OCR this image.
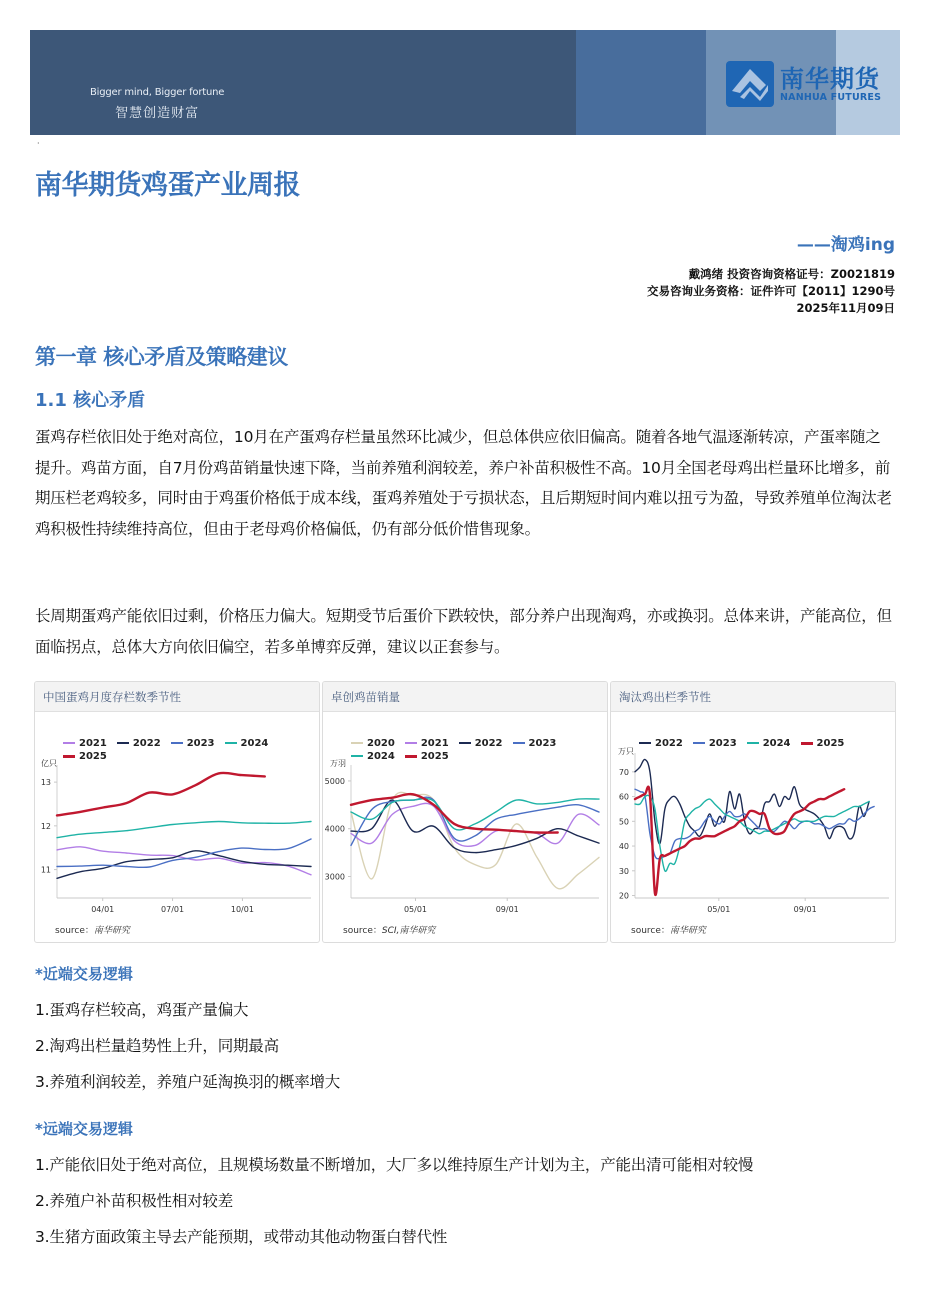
Bigger mind, Bigger fortune
智慧创造财富
南华期货
NANHUA FUTURES
·
南华期货鸡蛋产业周报
——淘鸡ing
戴鸿绪 投资咨询资格证号：Z0021819
交易咨询业务资格：证件许可【2011】1290号
2025年11月09日
第一章 核心矛盾及策略建议
1.1 核心矛盾
蛋鸡存栏依旧处于绝对高位，10月在产蛋鸡存栏量虽然环比减少，但总体供应依旧偏高。随着各地气温逐渐转凉，产蛋率随之提升。鸡苗方面，自7月份鸡苗销量快速下降，当前养殖利润较差，养户补苗积极性不高。10月全国老母鸡出栏量环比增多，前期压栏老鸡较多，同时由于鸡蛋价格低于成本线，蛋鸡养殖处于亏损状态，且后期短时间内难以扭亏为盈，导致养殖单位淘汰老鸡积极性持续维持高位，但由于老母鸡价格偏低，仍有部分低价惜售现象。
长周期蛋鸡产能依旧过剩，价格压力偏大。短期受节后蛋价下跌较快，部分养户出现淘鸡，亦或换羽。总体来讲，产能高位，但面临拐点，总体大方向依旧偏空，若多单博弈反弹，建议以正套参与。
中国蛋鸡月度存栏数季节性
2021	2022	2023	20242025
亿只
11
12
13
04/01	07/01	10/01
source：南华研究
卓创鸡苗销量
2020	2021	2022	20232024	2025
万羽
3000
4000
5000
05/01	09/01
source：SCI,南华研究
淘汰鸡出栏季节性
2022	2023	2024	2025
万只
20
30
40
50
60
70
05/01	09/01
source：南华研究
*近端交易逻辑
1.蛋鸡存栏较高，鸡蛋产量偏大
2.淘鸡出栏量趋势性上升，同期最高
3.养殖利润较差，养殖户延淘换羽的概率增大
*远端交易逻辑
1.产能依旧处于绝对高位，且规模场数量不断增加，大厂多以维持原生产计划为主，产能出清可能相对较慢
2.养殖户补苗积极性相对较差
3.生猪方面政策主导去产能预期，或带动其他动物蛋白替代性
